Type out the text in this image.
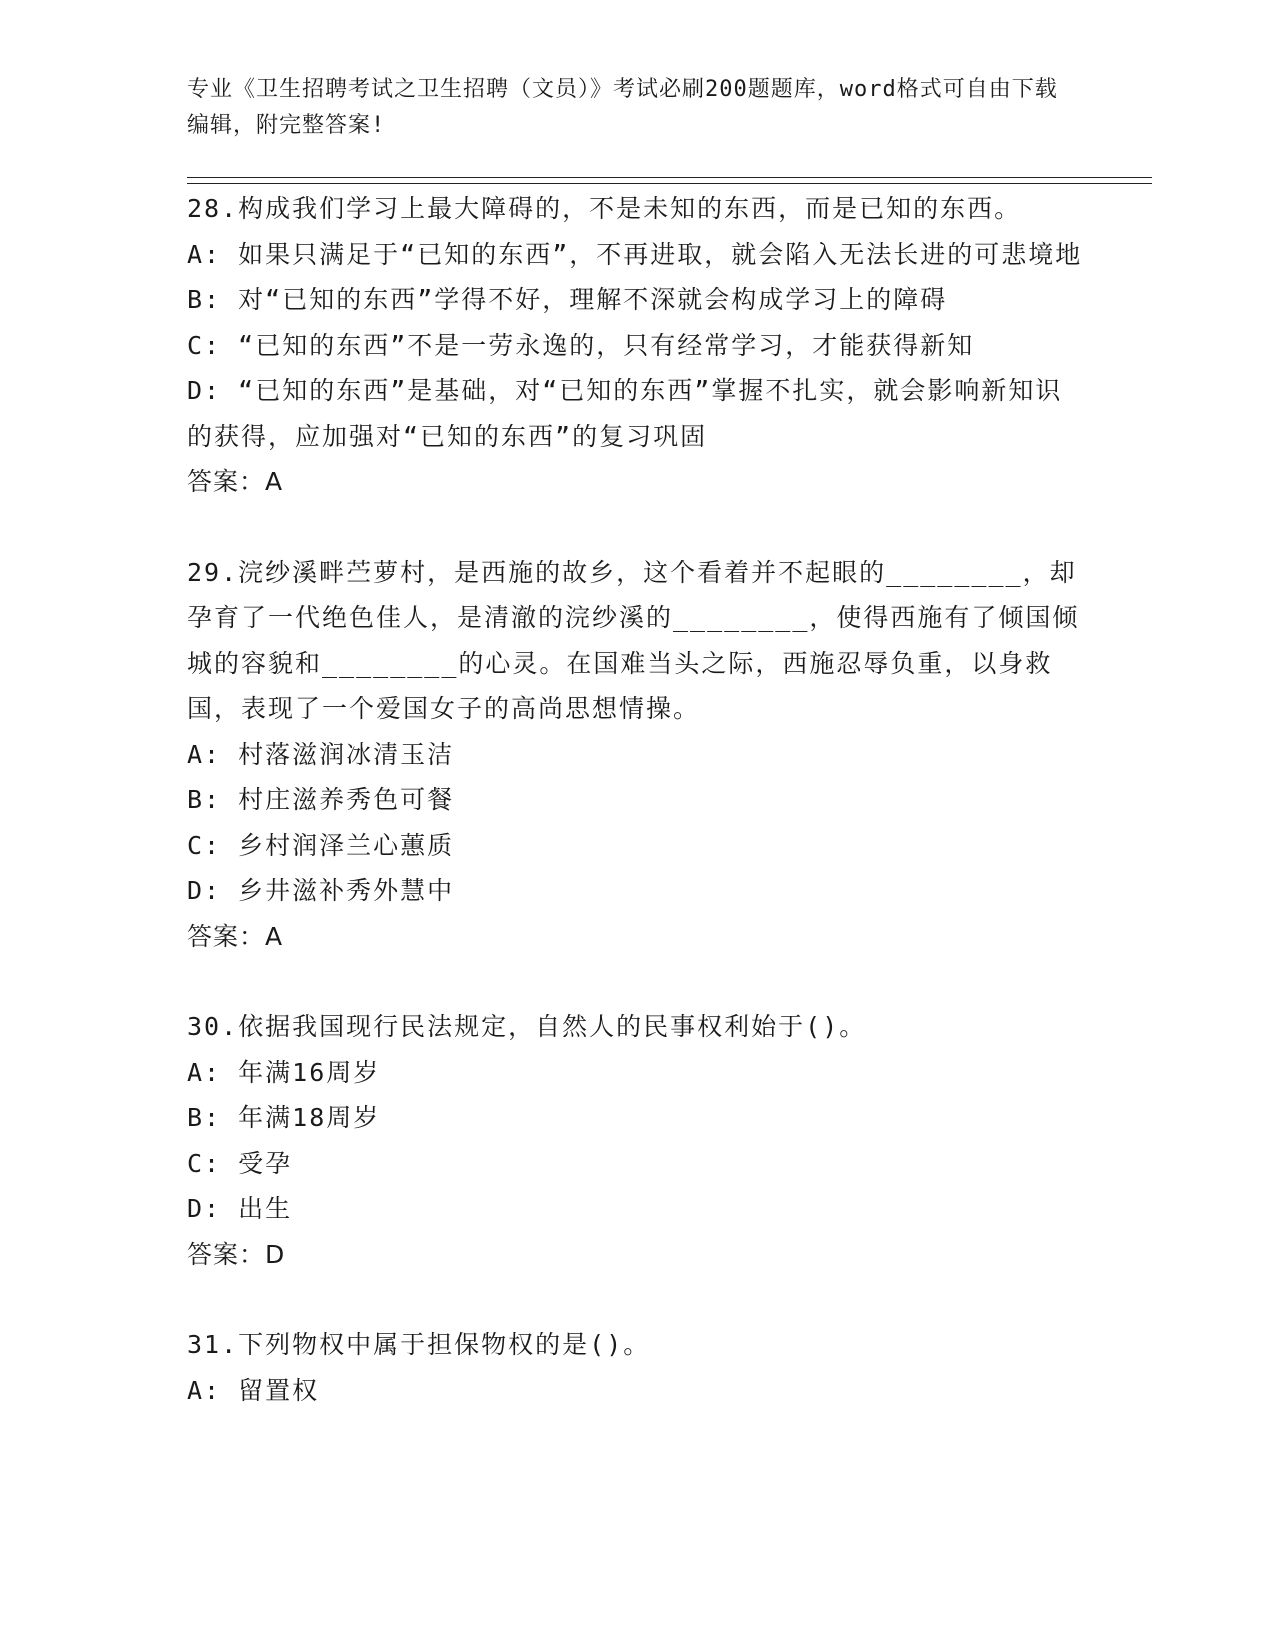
专业《卫生招聘考试之卫生招聘（文员）》考试必刷200题题库，word格式可自由下载编辑，附完整答案!
28.构成我们学习上最大障碍的，不是未知的东西，而是已知的东西。
A: 如果只满足于“已知的东西”，不再进取，就会陷入无法长进的可悲境地
B: 对“已知的东西”学得不好，理解不深就会构成学习上的障碍
C: “已知的东西”不是一劳永逸的，只有经常学习，才能获得新知
D: “已知的东西”是基础，对“已知的东西”掌握不扎实，就会影响新知识的获得，应加强对“已知的东西”的复习巩固
答案：A
29.浣纱溪畔苎萝村，是西施的故乡，这个看着并不起眼的________，却孕育了一代绝色佳人，是清澈的浣纱溪的________，使得西施有了倾国倾城的容貌和________的心灵。在国难当头之际，西施忍辱负重，以身救国，表现了一个爱国女子的高尚思想情操。
A: 村落滋润冰清玉洁
B: 村庄滋养秀色可餐
C: 乡村润泽兰心蕙质
D: 乡井滋补秀外慧中
答案：A
30.依据我国现行民法规定，自然人的民事权利始于()。
A: 年满16周岁
B: 年满18周岁
C: 受孕
D: 出生
答案：D
31.下列物权中属于担保物权的是()。
A: 留置权
